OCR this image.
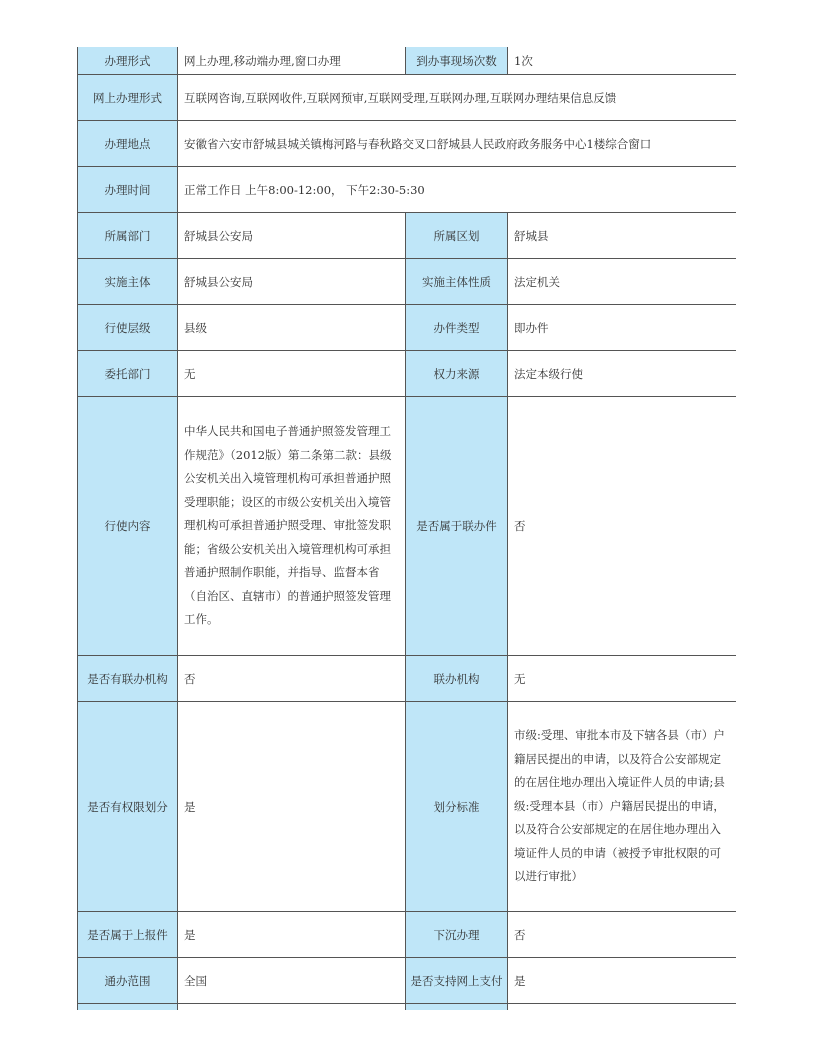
办理形式	网上办理,移动端办理,窗口办理	到办事现场次数	1次
网上办理形式	互联网咨询,互联网收件,互联网预审,互联网受理,互联网办理,互联网办理结果信息反馈		
办理地点	安徽省六安市舒城县城关镇梅河路与春秋路交叉口舒城县人民政府政务服务中心1楼综合窗口		
办理时间	正常工作日 上午8:00-12:00， 下午2:30-5:30		
所属部门	舒城县公安局	所属区划	舒城县
实施主体	舒城县公安局	实施主体性质	法定机关
行使层级	县级	办件类型	即办件
委托部门	无	权力来源	法定本级行使
行使内容	中华人民共和国电子普通护照签发管理工作规范》（2012版）第二条第二款：县级公安机关出入境管理机构可承担普通护照受理职能；设区的市级公安机关出入境管理机构可承担普通护照受理、审批签发职能；省级公安机关出入境管理机构可承担普通护照制作职能，并指导、监督本省（自治区、直辖市）的普通护照签发管理工作。	是否属于联办件	否
是否有联办机构	否	联办机构	无
是否有权限划分	是	划分标准	市级:受理、审批本市及下辖各县（市）户籍居民提出的申请，以及符合公安部规定的在居住地办理出入境证件人员的申请;县级:受理本县（市）户籍居民提出的申请，以及符合公安部规定的在居住地办理出入境证件人员的申请（被授予审批权限的可以进行审批）
是否属于上报件	是	下沉办理	否
通办范围	全国	是否支持网上支付	是
